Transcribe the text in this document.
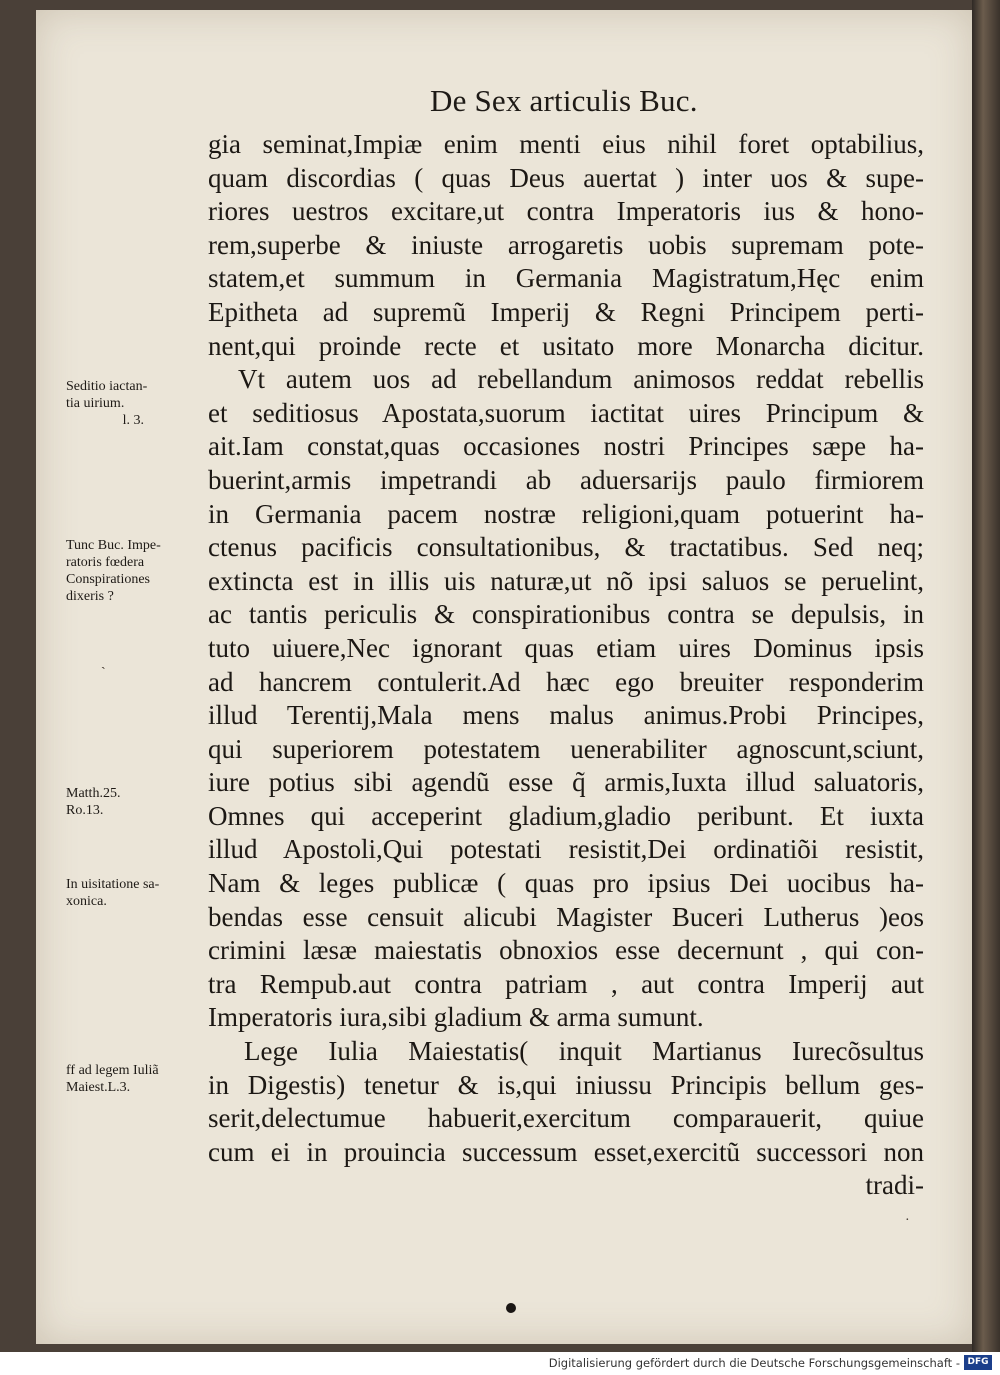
De Sex articulis Buc.
gia seminat,Impiæ enim menti eius nihil foret optabilius,
quam discordias ( quas Deus auertat ) inter uos & supe-
riores uestros excitare,ut contra Imperatoris ius & hono-
rem,superbe & iniuste arrogaretis uobis supremam pote-
statem,et summum in Germania Magistratum,Hęc enim
Epitheta ad supremũ Imperij & Regni Principem perti-
nent,qui proinde recte et usitato more Monarcha dicitur.
Vt autem uos ad rebellandum animosos reddat rebellis
et seditiosus Apostata,suorum iactitat uires Principum &
ait.Iam constat,quas occasiones nostri Principes sæpe ha-
buerint,armis impetrandi ab aduersarijs paulo firmiorem
in Germania pacem nostræ religioni,quam potuerint ha-
ctenus pacificis consultationibus, & tractatibus. Sed neq;
extincta est in illis uis naturæ,ut nõ ipsi saluos se peruelint,
ac tantis periculis & conspirationibus contra se depulsis, in
tuto uiuere,Nec ignorant quas etiam uires Dominus ipsis
ad hancrem contulerit.Ad hæc ego breuiter responderim
illud Terentij,Mala mens malus animus.Probi Principes,
qui superiorem potestatem uenerabiliter agnoscunt,sciunt,
iure potius sibi agendũ esse q̃ armis,Iuxta illud saluatoris,
Omnes qui acceperint gladium,gladio peribunt. Et iuxta
illud Apostoli,Qui potestati resistit,Dei ordinatiõi resistit,
Nam & leges publicæ ( quas pro ipsius Dei uocibus ha-
bendas esse censuit alicubi Magister Buceri Lutherus )eos
crimini læsæ maiestatis obnoxios esse decernunt , qui con-
tra Rempub.aut contra patriam , aut contra Imperij aut
Imperatoris iura,sibi gladium & arma sumunt.
Lege Iulia Maiestatis( inquit Martianus Iurecõsultus
in Digestis) tenetur & is,qui iniussu Principis bellum ges-
serit,delectumue habuerit,exercitum comparauerit, quiue
cum ei in prouincia successum esset,exercitũ successori non
tradi-
Seditio iactan-
tia uirium.
l. 3.
Tunc Buc. Impe-
ratoris fœdera
Conspirationes
dixeris ?
Matth.25.
Ro.13.
In uisitatione sa-
xonica.
ff ad legem Iuliã
Maiest.L.3.
ˏ
·
Digitalisierung gefördert durch die Deutsche Forschungsgemeinschaft - DFG
